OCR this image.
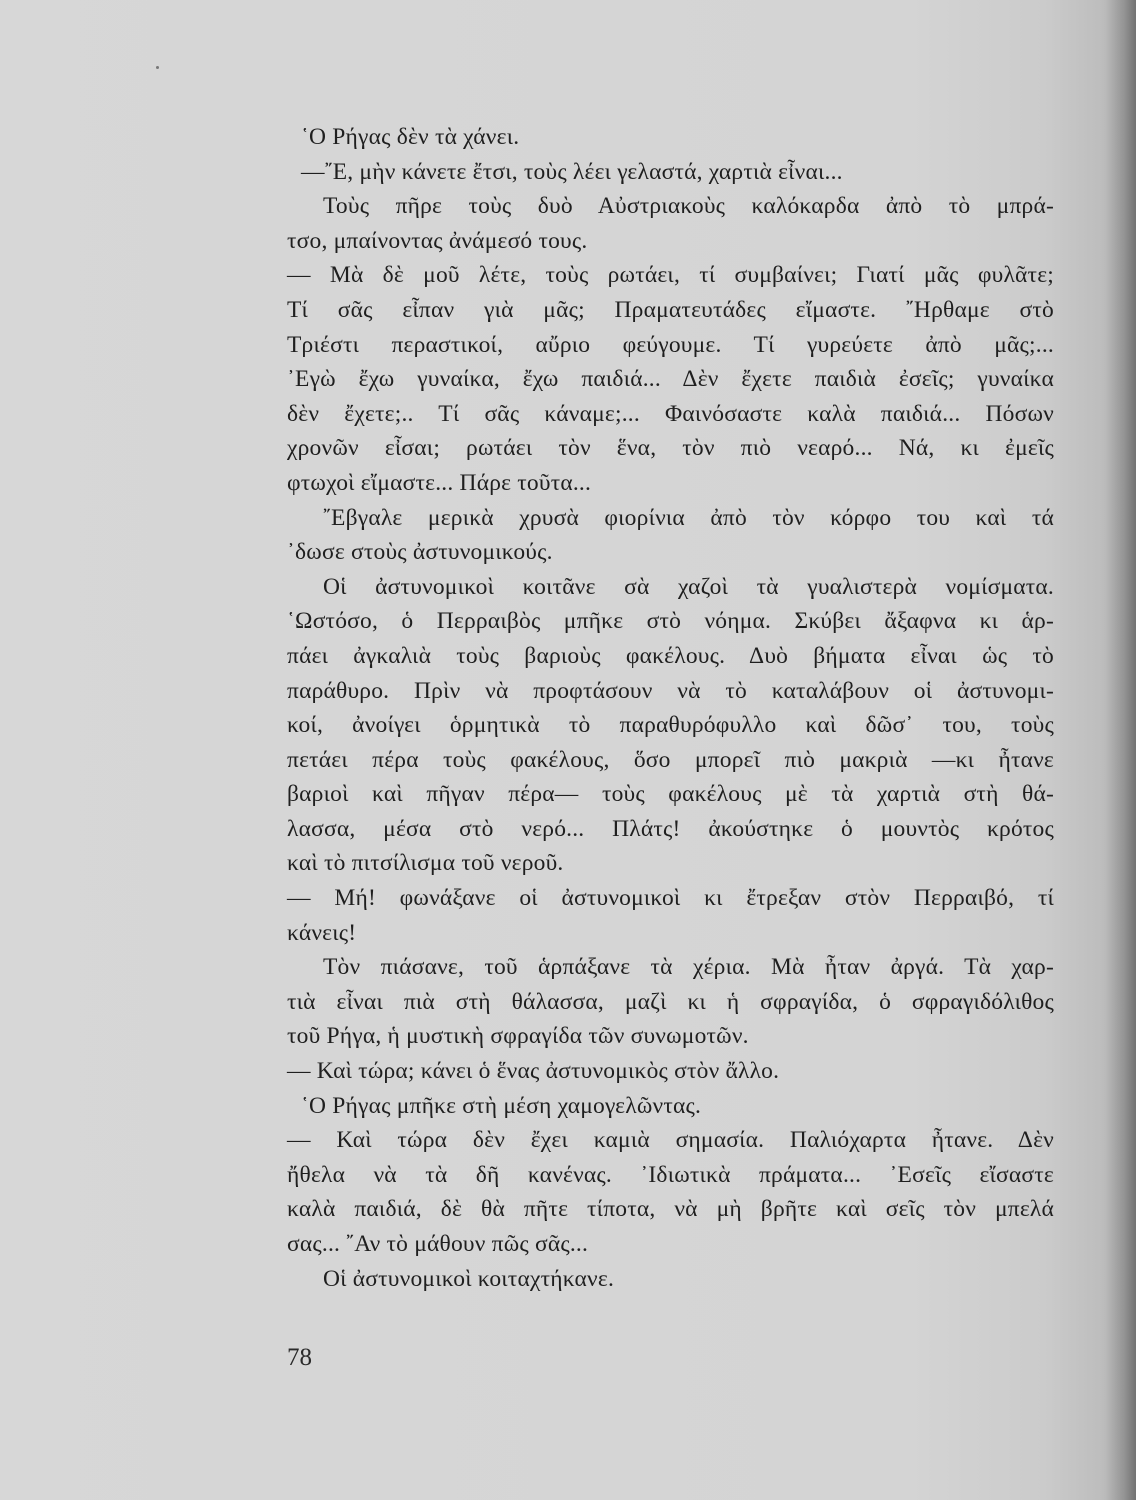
῾Ο Ρήγας δὲν τὰ χάνει.
—῎Ε, μὴν κάνετε ἔτσι, τοὺς λέει γελαστά, χαρτιὰ εἶναι...
Τοὺς πῆρε τοὺς δυὸ Αὐστριακοὺς καλόκαρδα ἀπὸ τὸ μπρά-
τσο, μπαίνοντας ἀνάμεσό τους.
— Μὰ δὲ μοῦ λέτε, τοὺς ρωτάει, τί συμβαίνει; Γιατί μᾶς φυλᾶτε;
Τί σᾶς εἶπαν γιὰ μᾶς; Πραματευτάδες εἴμαστε. ῎Ηρθαμε στὸ
Τριέστι περαστικοί, αὔριο φεύγουμε. Τί γυρεύετε ἀπὸ μᾶς;...
᾿Εγὼ ἔχω γυναίκα, ἔχω παιδιά... Δὲν ἔχετε παιδιὰ ἐσεῖς; γυναίκα
δὲν ἔχετε;.. Τί σᾶς κάναμε;... Φαινόσαστε καλὰ παιδιά... Πόσων
χρονῶν εἶσαι; ρωτάει τὸν ἕνα, τὸν πιὸ νεαρό... Νά, κι ἐμεῖς
φτωχοὶ εἴμαστε... Πάρε τοῦτα...
῎Εβγαλε μερικὰ χρυσὰ φιορίνια ἀπὸ τὸν κόρφο του καὶ τά
᾿δωσε στοὺς ἀστυνομικούς.
Οἱ ἀστυνομικοὶ κοιτᾶνε σὰ χαζοὶ τὰ γυαλιστερὰ νομίσματα.
῾Ωστόσο, ὁ Περραιβὸς μπῆκε στὸ νόημα. Σκύβει ἄξαφνα κι ἁρ-
πάει ἀγκαλιὰ τοὺς βαριοὺς φακέλους. Δυὸ βήματα εἶναι ὡς τὸ
παράθυρο. Πρὶν νὰ προφτάσουν νὰ τὸ καταλάβουν οἱ ἀστυνομι-
κοί, ἀνοίγει ὁρμητικὰ τὸ παραθυρόφυλλο καὶ δῶσ᾿ του, τοὺς
πετάει πέρα τοὺς φακέλους, ὅσο μπορεῖ πιὸ μακριὰ —κι ἦτανε
βαριοὶ καὶ πῆγαν πέρα— τοὺς φακέλους μὲ τὰ χαρτιὰ στὴ θά-
λασσα, μέσα στὸ νερό... Πλάτς! ἀκούστηκε ὁ μουντὸς κρότος
καὶ τὸ πιτσίλισμα τοῦ νεροῦ.
— Μή! φωνάξανε οἱ ἀστυνομικοὶ κι ἔτρεξαν στὸν Περραιβό, τί
κάνεις!
Τὸν πιάσανε, τοῦ ἁρπάξανε τὰ χέρια. Μὰ ἦταν ἀργά. Τὰ χαρ-
τιὰ εἶναι πιὰ στὴ θάλασσα, μαζὶ κι ἡ σφραγίδα, ὁ σφραγιδόλιθος
τοῦ Ρήγα, ἡ μυστικὴ σφραγίδα τῶν συνωμοτῶν.
— Καὶ τώρα; κάνει ὁ ἕνας ἀστυνομικὸς στὸν ἄλλο.
῾Ο Ρήγας μπῆκε στὴ μέση χαμογελῶντας.
— Καὶ τώρα δὲν ἔχει καμιὰ σημασία. Παλιόχαρτα ἦτανε. Δὲν
ἤθελα νὰ τὰ δῆ κανένας. ᾿Ιδιωτικὰ πράματα... ᾿Εσεῖς εἴσαστε
καλὰ παιδιά, δὲ θὰ πῆτε τίποτα, νὰ μὴ βρῆτε καὶ σεῖς τὸν μπελά
σας... ῎Αν τὸ μάθουν πῶς σᾶς...
Οἱ ἀστυνομικοὶ κοιταχτήκανε.
78
